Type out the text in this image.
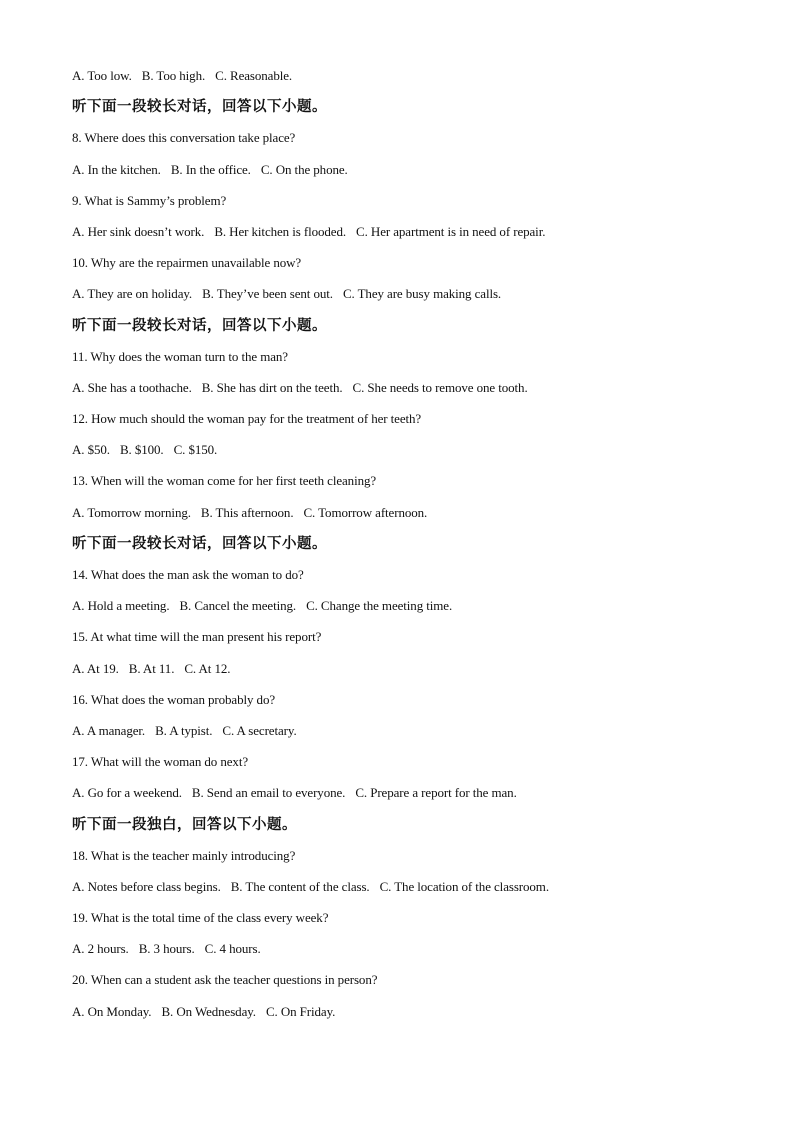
A. Too low. B. Too high. C. Reasonable.
听下面一段较长对话，回答以下小题。
8. Where does this conversation take place?
A. In the kitchen. B. In the office. C. On the phone.
9. What is Sammy’s problem?
A. Her sink doesn’t work. B. Her kitchen is flooded. C. Her apartment is in need of repair.
10. Why are the repairmen unavailable now?
A. They are on holiday. B. They’ve been sent out. C. They are busy making calls.
听下面一段较长对话，回答以下小题。
11. Why does the woman turn to the man?
A. She has a toothache. B. She has dirt on the teeth. C. She needs to remove one tooth.
12. How much should the woman pay for the treatment of her teeth?
A. $50. B. $100. C. $150.
13. When will the woman come for her first teeth cleaning?
A. Tomorrow morning. B. This afternoon. C. Tomorrow afternoon.
听下面一段较长对话，回答以下小题。
14. What does the man ask the woman to do?
A. Hold a meeting. B. Cancel the meeting. C. Change the meeting time.
15. At what time will the man present his report?
A. At 19. B. At 11. C. At 12.
16. What does the woman probably do?
A. A manager. B. A typist. C. A secretary.
17. What will the woman do next?
A. Go for a weekend. B. Send an email to everyone. C. Prepare a report for the man.
听下面一段独白，回答以下小题。
18. What is the teacher mainly introducing?
A. Notes before class begins. B. The content of the class. C. The location of the classroom.
19. What is the total time of the class every week?
A. 2 hours. B. 3 hours. C. 4 hours.
20. When can a student ask the teacher questions in person?
A. On Monday. B. On Wednesday. C. On Friday.
